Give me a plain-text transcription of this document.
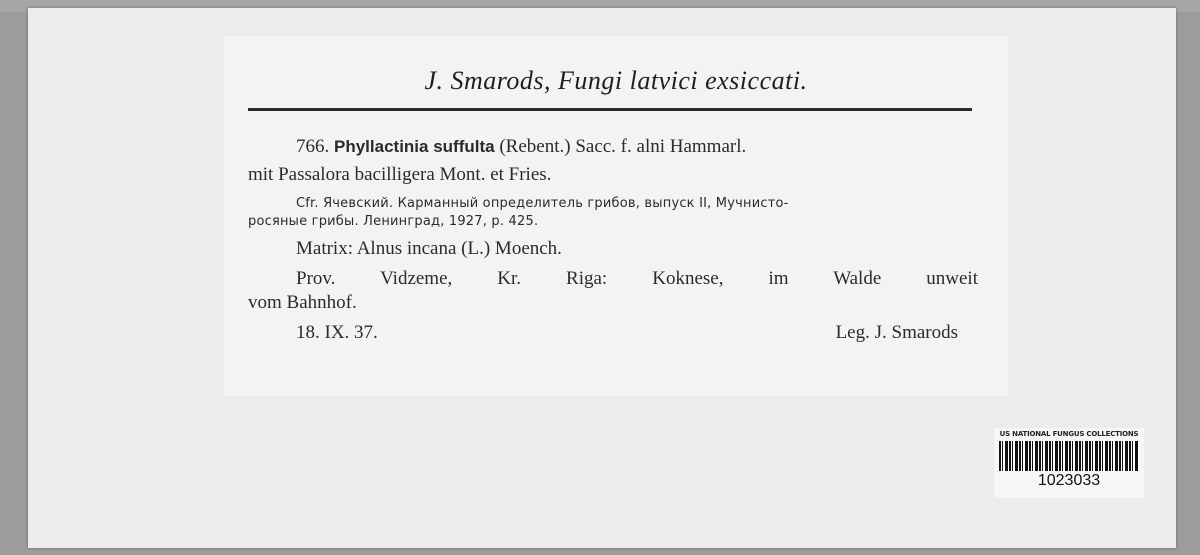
J. Smarods, Fungi latvici exsiccati.
766. Phyllactinia suffulta (Rebent.) Sacc. f. alni Hammarl.
mit Passalora bacilligera Mont. et Fries.
Cfr. Ячевский. Карманный определитель грибов, выпуск II, Мучнисто-
росяные грибы. Ленинград, 1927, p. 425.
Matrix: Alnus incana (L.) Moench.
Prov. Vidzeme, Kr. Riga: Koknese, im Walde unweit
vom Bahnhof.
18. IX. 37.	Leg. J. Smarods
US NATIONAL FUNGUS COLLECTIONS
1023033
